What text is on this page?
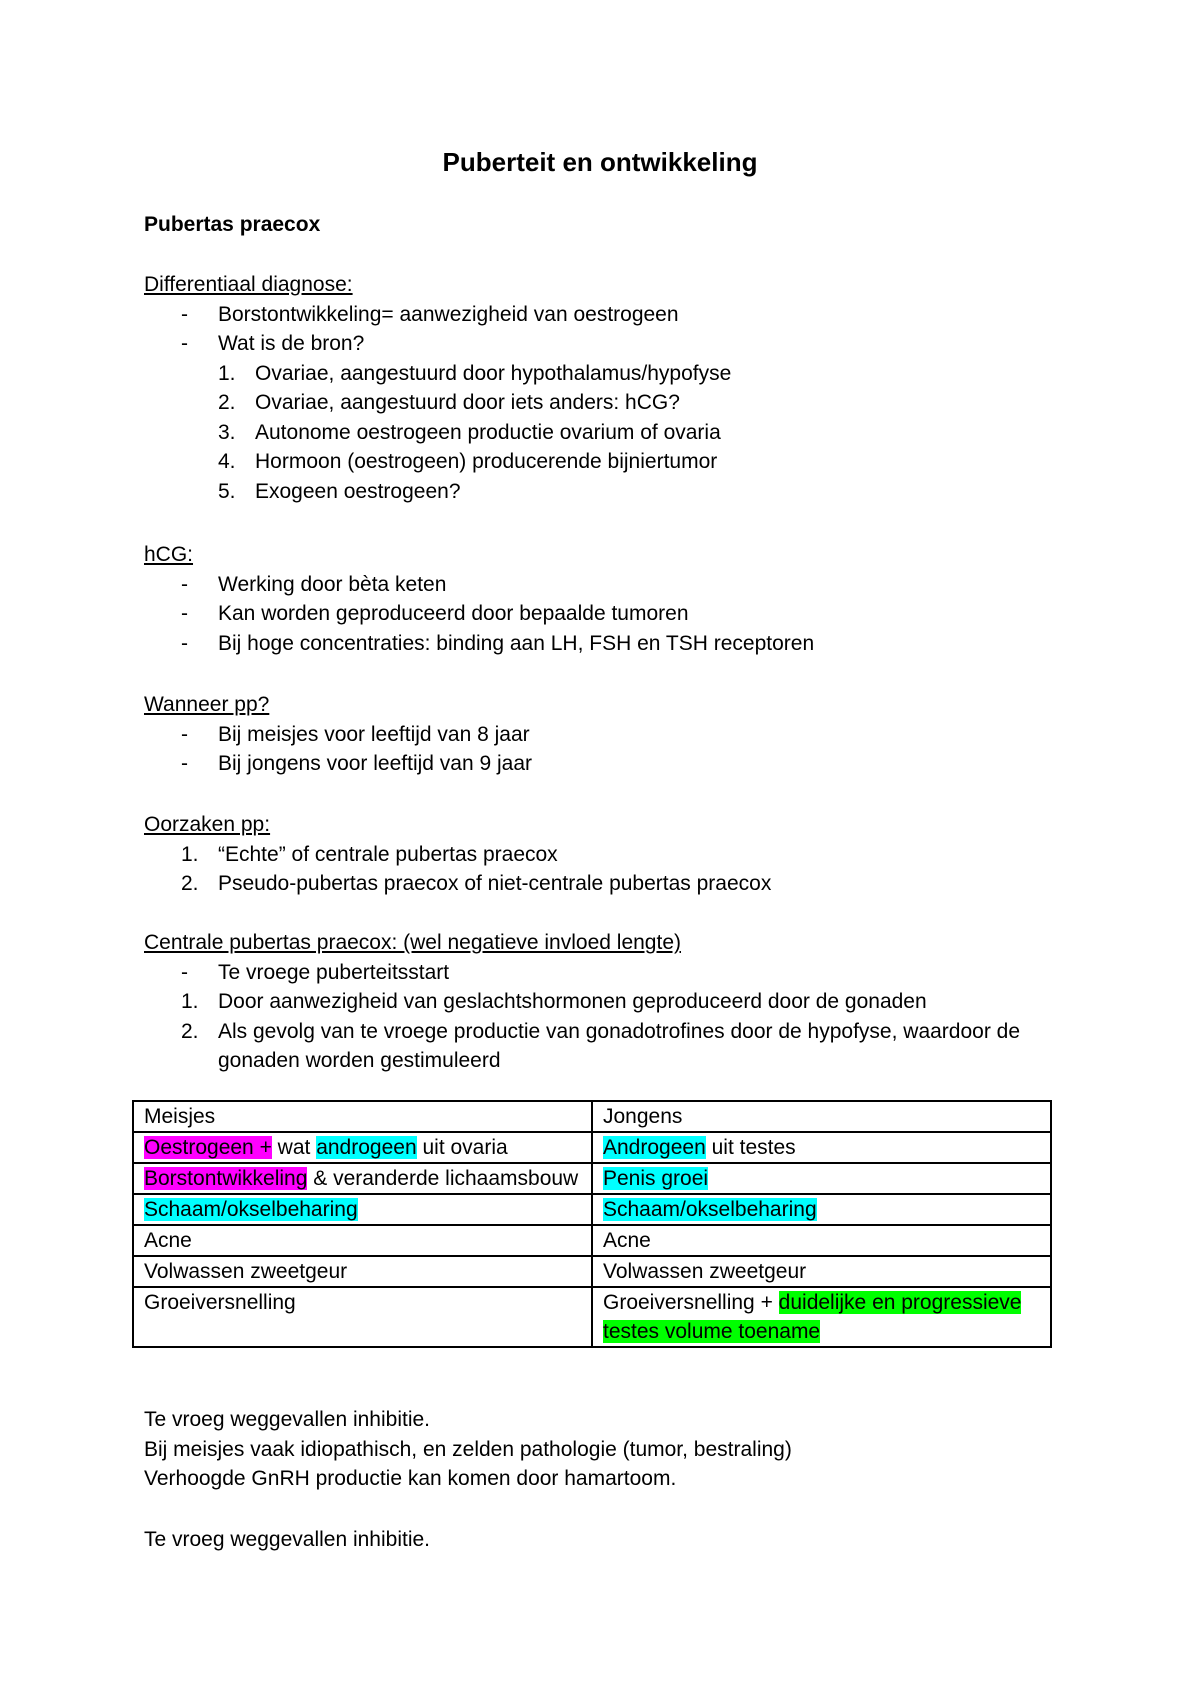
Puberteit en ontwikkeling
Pubertas praecox
Differentiaal diagnose:
-	Borstontwikkeling= aanwezigheid van oestrogeen
-	Wat is de bron?
1. Ovariae, aangestuurd door hypothalamus/hypofyse
2. Ovariae, aangestuurd door iets anders: hCG?
3. Autonome oestrogeen productie ovarium of ovaria
4. Hormoon (oestrogeen) producerende bijniertumor
5. Exogeen oestrogeen?
hCG:
-	Werking door bèta keten
-	Kan worden geproduceerd door bepaalde tumoren
-	Bij hoge concentraties: binding aan LH, FSH en TSH receptoren
Wanneer pp?
-	Bij meisjes voor leeftijd van 8 jaar
-	Bij jongens voor leeftijd van 9 jaar
Oorzaken pp:
1. “Echte” of centrale pubertas praecox
2. Pseudo-pubertas praecox of niet-centrale pubertas praecox
Centrale pubertas praecox: (wel negatieve invloed lengte)
-	Te vroege puberteitsstart
1. Door aanwezigheid van geslachtshormonen geproduceerd door de gonaden
2. Als gevolg van te vroege productie van gonadotrofines door de hypofyse, waardoor de gonaden worden gestimuleerd
Meisjes	Jongens
Oestrogeen + wat androgeen uit ovaria	Androgeen uit testes
Borstontwikkeling & veranderde lichaamsbouw	Penis groei
Schaam/okselbeharing	Schaam/okselbeharing
Acne	Acne
Volwassen zweetgeur	Volwassen zweetgeur
Groeiversnelling	Groeiversnelling + duidelijke en progressieve testes volume toename
Te vroeg weggevallen inhibitie.
Bij meisjes vaak idiopathisch, en zelden pathologie (tumor, bestraling)
Verhoogde GnRH productie kan komen door hamartoom.
Te vroeg weggevallen inhibitie.
